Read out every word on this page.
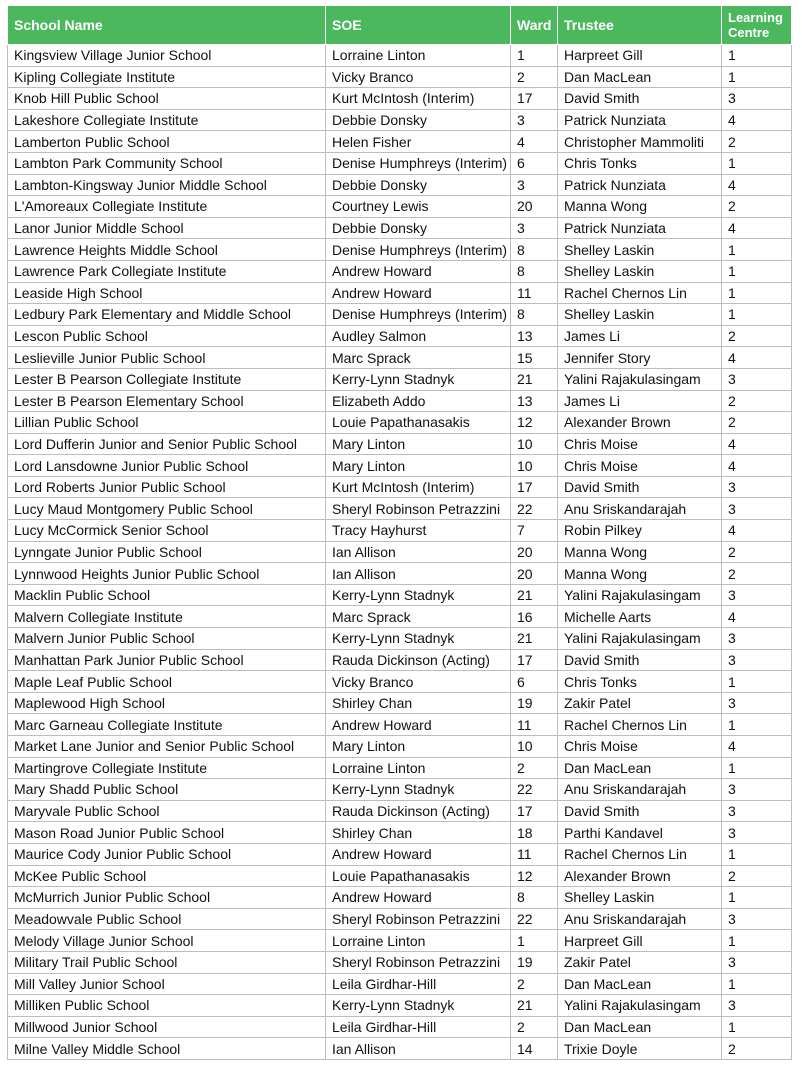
School Name	SOE	Ward	Trustee	Learning
Centre
Kingsview Village Junior School	Lorraine Linton	1	Harpreet Gill	1
Kipling Collegiate Institute	Vicky Branco	2	Dan MacLean	1
Knob Hill Public School	Kurt McIntosh (Interim)	17	David Smith	3
Lakeshore Collegiate Institute	Debbie Donsky	3	Patrick Nunziata	4
Lamberton Public School	Helen Fisher	4	Christopher Mammoliti	2
Lambton Park Community School	Denise Humphreys (Interim)	6	Chris Tonks	1
Lambton-Kingsway Junior Middle School	Debbie Donsky	3	Patrick Nunziata	4
L'Amoreaux Collegiate Institute	Courtney Lewis	20	Manna Wong	2
Lanor Junior Middle School	Debbie Donsky	3	Patrick Nunziata	4
Lawrence Heights Middle School	Denise Humphreys (Interim)	8	Shelley Laskin	1
Lawrence Park Collegiate Institute	Andrew Howard	8	Shelley Laskin	1
Leaside High School	Andrew Howard	11	Rachel Chernos Lin	1
Ledbury Park Elementary and Middle School	Denise Humphreys (Interim)	8	Shelley Laskin	1
Lescon Public School	Audley Salmon	13	James Li	2
Leslieville Junior Public School	Marc Sprack	15	Jennifer Story	4
Lester B Pearson Collegiate Institute	Kerry-Lynn Stadnyk	21	Yalini Rajakulasingam	3
Lester B Pearson Elementary School	Elizabeth Addo	13	James Li	2
Lillian Public School	Louie Papathanasakis	12	Alexander Brown	2
Lord Dufferin Junior and Senior Public School	Mary Linton	10	Chris Moise	4
Lord Lansdowne Junior Public School	Mary Linton	10	Chris Moise	4
Lord Roberts Junior Public School	Kurt McIntosh (Interim)	17	David Smith	3
Lucy Maud Montgomery Public School	Sheryl Robinson Petrazzini	22	Anu Sriskandarajah	3
Lucy McCormick Senior School	Tracy Hayhurst	7	Robin Pilkey	4
Lynngate Junior Public School	Ian Allison	20	Manna Wong	2
Lynnwood Heights Junior Public School	Ian Allison	20	Manna Wong	2
Macklin Public School	Kerry-Lynn Stadnyk	21	Yalini Rajakulasingam	3
Malvern Collegiate Institute	Marc Sprack	16	Michelle Aarts	4
Malvern Junior Public School	Kerry-Lynn Stadnyk	21	Yalini Rajakulasingam	3
Manhattan Park Junior Public School	Rauda Dickinson (Acting)	17	David Smith	3
Maple Leaf Public School	Vicky Branco	6	Chris Tonks	1
Maplewood High School	Shirley Chan	19	Zakir Patel	3
Marc Garneau Collegiate Institute	Andrew Howard	11	Rachel Chernos Lin	1
Market Lane Junior and Senior Public School	Mary Linton	10	Chris Moise	4
Martingrove Collegiate Institute	Lorraine Linton	2	Dan MacLean	1
Mary Shadd Public School	Kerry-Lynn Stadnyk	22	Anu Sriskandarajah	3
Maryvale Public School	Rauda Dickinson (Acting)	17	David Smith	3
Mason Road Junior Public School	Shirley Chan	18	Parthi Kandavel	3
Maurice Cody Junior Public School	Andrew Howard	11	Rachel Chernos Lin	1
McKee Public School	Louie Papathanasakis	12	Alexander Brown	2
McMurrich Junior Public School	Andrew Howard	8	Shelley Laskin	1
Meadowvale Public School	Sheryl Robinson Petrazzini	22	Anu Sriskandarajah	3
Melody Village Junior School	Lorraine Linton	1	Harpreet Gill	1
Military Trail Public School	Sheryl Robinson Petrazzini	19	Zakir Patel	3
Mill Valley Junior School	Leila Girdhar-Hill	2	Dan MacLean	1
Milliken Public School	Kerry-Lynn Stadnyk	21	Yalini Rajakulasingam	3
Millwood Junior School	Leila Girdhar-Hill	2	Dan MacLean	1
Milne Valley Middle School	Ian Allison	14	Trixie Doyle	2
